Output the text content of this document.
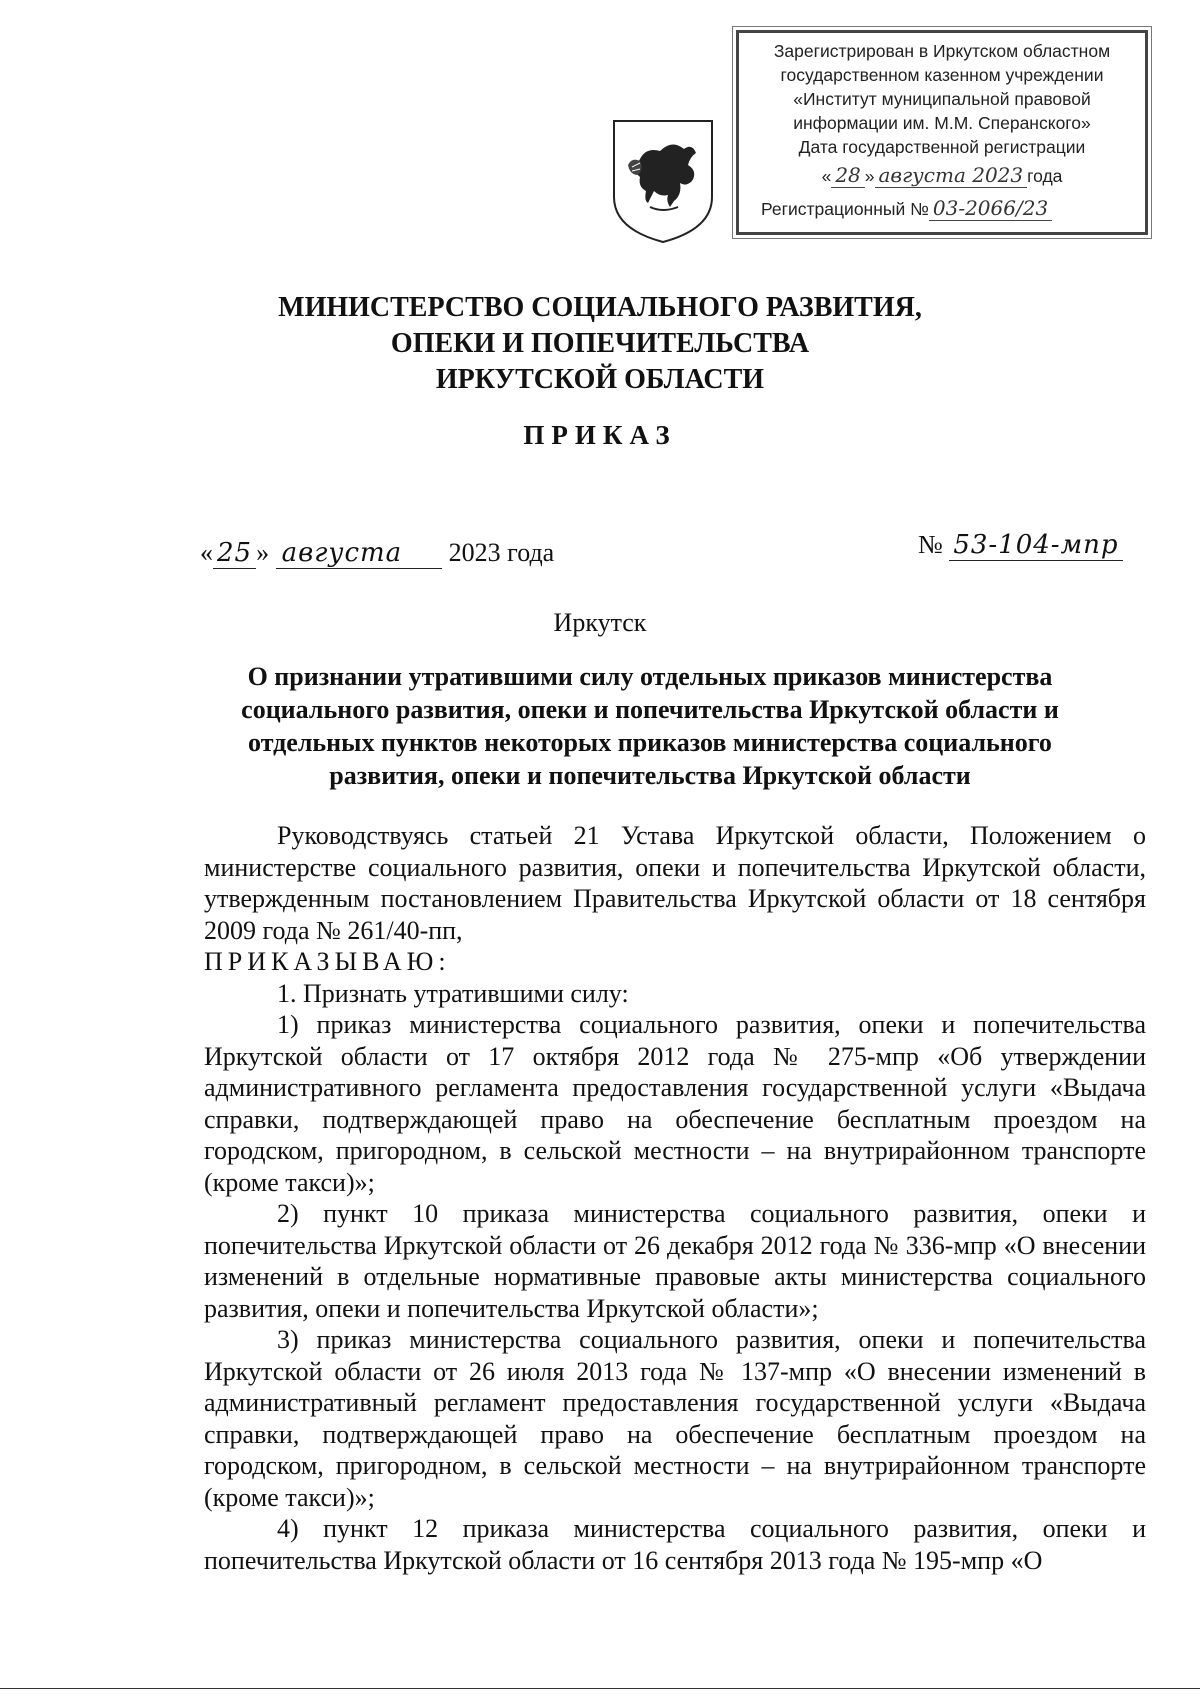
Зарегистрирован в Иркутском областном
государственном казенном учреждении
«Институт муниципальной правовой
информации им. М.М. Сперанского»
Дата государственной регистрации
« 28 » августа 2023 года
Регистрационный № 03-2066/23
МИНИСТЕРСТВО СОЦИАЛЬНОГО РАЗВИТИЯ,
ОПЕКИ И ПОПЕЧИТЕЛЬСТВА
ИРКУТСКОЙ ОБЛАСТИ
ПРИКАЗ
« 25 » августа 2023 года	№ 53-104-мпр
Иркутск
О признании утратившими силу отдельных приказов министерства
социального развития, опеки и попечительства Иркутской области и
отдельных пунктов некоторых приказов министерства социального
развития, опеки и попечительства Иркутской области

Руководствуясь статьей 21 Устава Иркутской области, Положением о министерстве социального развития, опеки и попечительства Иркутской области, утвержденным постановлением Правительства Иркутской области от 18 сентября 2009 года № 261/40-пп,

ПРИКАЗЫВАЮ:

1. Признать утратившими силу:

1) приказ министерства социального развития, опеки и попечительства Иркутской области от 17 октября 2012 года № 275-мпр «Об утверждении административного регламента предоставления государственной услуги «Выдача справки, подтверждающей право на обеспечение бесплатным проездом на городском, пригородном, в сельской местности – на внутрирайонном транспорте (кроме такси)»;

2) пункт 10 приказа министерства социального развития, опеки и попечительства Иркутской области от 26 декабря 2012 года № 336-мпр «О внесении изменений в отдельные нормативные правовые акты министерства социального развития, опеки и попечительства Иркутской области»;

3) приказ министерства социального развития, опеки и попечительства Иркутской области от 26 июля 2013 года № 137-мпр «О внесении изменений в административный регламент предоставления государственной услуги «Выдача справки, подтверждающей право на обеспечение бесплатным проездом на городском, пригородном, в сельской местности – на внутрирайонном транспорте (кроме такси)»;

4) пункт 12 приказа министерства социального развития, опеки и попечительства Иркутской области от 16 сентября 2013 года № 195-мпр «О
